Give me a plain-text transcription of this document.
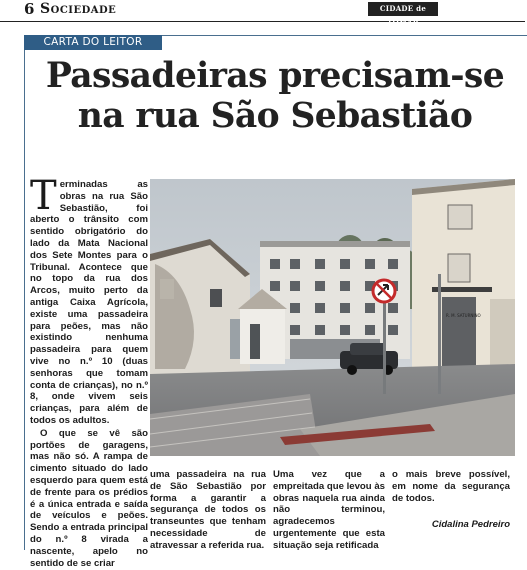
6 Sociedade	CIDADE de TOMAR
CARTA DO LEITOR
Passadeiras precisam-se na rua São Sebastião

Terminadas as obras na rua São Sebastião, foi aberto o trânsito com sentido obrigatório do lado da Mata Nacional dos Sete Montes para o Tribunal. Acontece que no topo da rua dos Arcos, muito perto da antiga Caixa Agrícola, existe uma passadeira para peões, mas não existindo nenhuma passadeira para quem vive no n.º 10 (duas senhoras que tomam conta de crianças), no n.º 8, onde vivem seis crianças, para além de todos os adultos.

O que se vê são portões de garagens, mas não só. A rampa de cimento situado do lado esquerdo para quem está de frente para os prédios é a única entrada e saída de veículos e peões. Sendo a entrada principal do n.º 8 virada a nascente, apelo no sentido de se criar

R. M. SATURNINO
uma passadeira na rua de São Sebastião por forma a garantir a segurança de todos os transeuntes que tenham necessidade de atravessar a referida rua.
Uma vez que a empreitada que levou às obras naquela rua ainda não terminou, agradecemos urgentemente que esta situação seja retificada
o mais breve possível, em nome da segurança de todos.
Cidalina Pedreiro
